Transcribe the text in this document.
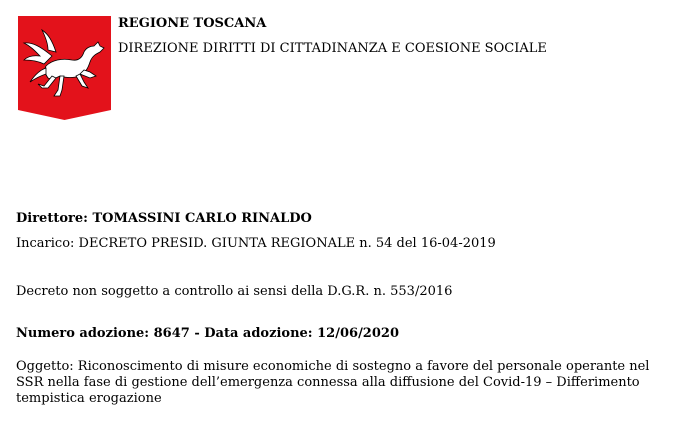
REGIONE TOSCANA
DIREZIONE DIRITTI DI CITTADINANZA E COESIONE SOCIALE
Direttore: TOMASSINI CARLO RINALDO
Incarico: DECRETO PRESID. GIUNTA REGIONALE n. 54 del 16-04-2019
Decreto non soggetto a controllo ai sensi della D.G.R. n. 553/2016
Numero adozione: 8647 - Data adozione: 12/06/2020
Oggetto: Riconoscimento di misure economiche di sostegno a favore del personale operante nel SSR nella fase di gestione dell’emergenza connessa alla diffusione del Covid-19 – Differimento tempistica erogazione
